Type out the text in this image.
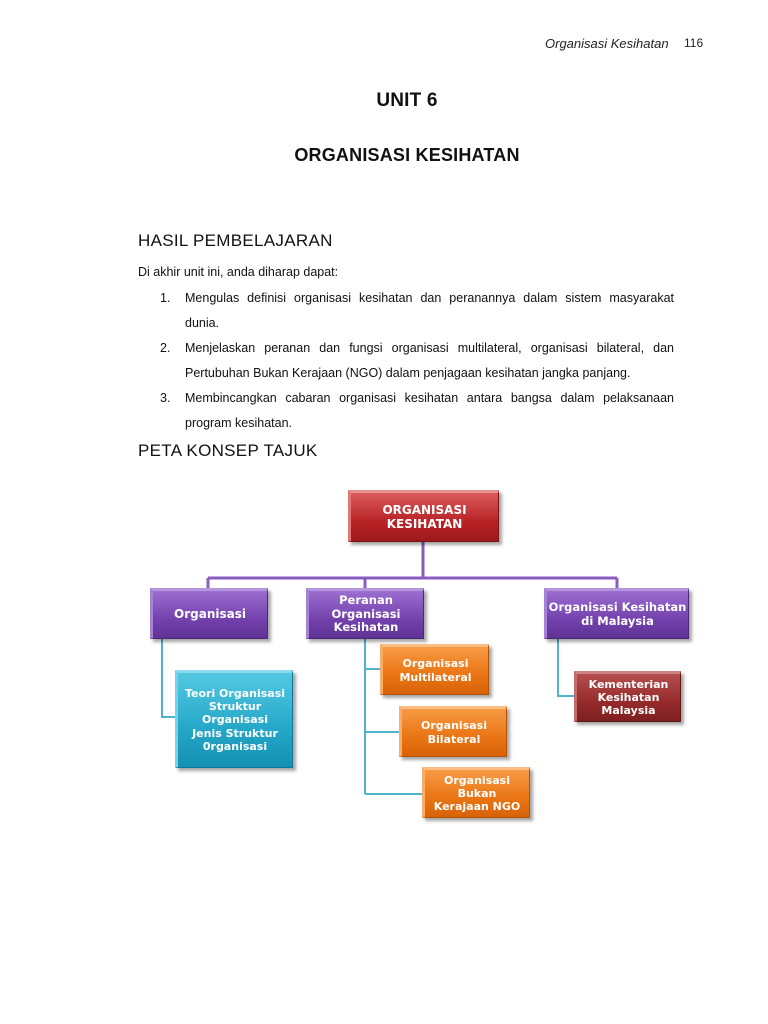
Organisasi Kesihatan 116
UNIT 6
ORGANISASI KESIHATAN
HASIL PEMBELAJARAN
Di akhir unit ini, anda diharap dapat:
1. Mengulas definisi organisasi kesihatan dan peranannya dalam sistem masyarakat dunia.
2. Menjelaskan peranan dan fungsi organisasi multilateral, organisasi bilateral, dan Pertubuhan Bukan Kerajaan (NGO) dalam penjagaan kesihatan jangka panjang.
3. Membincangkan cabaran organisasi kesihatan antara bangsa dalam pelaksanaan program kesihatan.
PETA KONSEP TAJUK
ORGANISASI KESIHATAN
Organisasi
Peranan Organisasi Kesihatan
Organisasi Kesihatan di Malaysia
Teori Organisasi
Struktur Organisasi
Jenis Struktur 0rganisasi
Organisasi Multilateral
Organisasi Bilateral
Organisasi Bukan Kerajaan NGO
Kementerian Kesihatan Malaysia
